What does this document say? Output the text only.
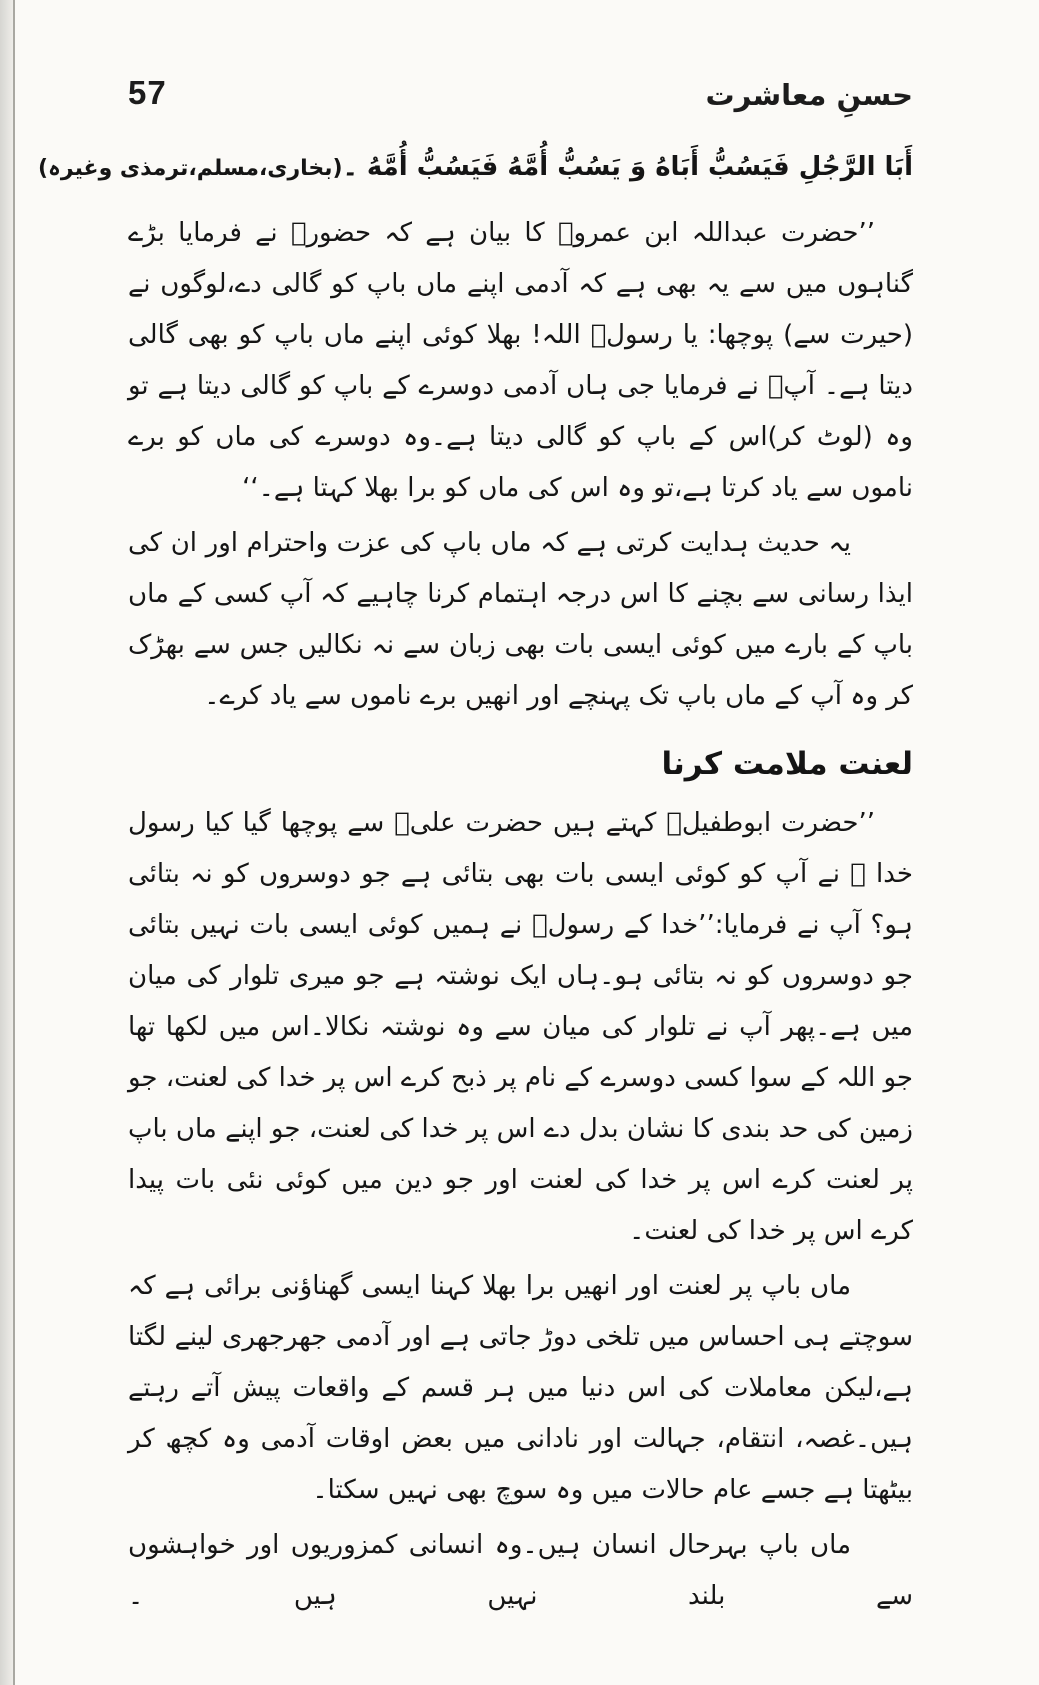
57	حسنِ معاشرت
أَبَا الرَّجُلِ فَيَسُبُّ أَبَاهُ وَ يَسُبُّ أُمَّهُ فَيَسُبُّ أُمَّهُ ۔
(بخاری،مسلم،ترمذی وغیرہ)

’’حضرت عبداللہ ابن عمروؓ کا بیان ہے کہ حضورﷺ نے فرمایا بڑے گناہوں میں سے یہ بھی ہے کہ آدمی اپنے ماں باپ کو گالی دے،لوگوں نے (حیرت سے) پوچھا: یا رسولؐ اللہ! بھلا کوئی اپنے ماں باپ کو بھی گالی دیتا ہے۔ آپؐ نے فرمایا جی ہاں آدمی دوسرے کے باپ کو گالی دیتا ہے تو وہ (لوٹ کر)اس کے باپ کو گالی دیتا ہے۔وہ دوسرے کی ماں کو برے ناموں سے یاد کرتا ہے،تو وہ اس کی ماں کو برا بھلا کہتا ہے۔‘‘

یہ حدیث ہدایت کرتی ہے کہ ماں باپ کی عزت واحترام اور ان کی ایذا رسانی سے بچنے کا اس درجہ اہتمام کرنا چاہیے کہ آپ کسی کے ماں باپ کے بارے میں کوئی ایسی بات بھی زبان سے نہ نکالیں جس سے بھڑک کر وہ آپ کے ماں باپ تک پہنچے اور انھیں برے ناموں سے یاد کرے۔

لعنت ملامت کرنا

’’حضرت ابوطفیلؓ کہتے ہیں حضرت علیؓ سے پوچھا گیا کیا رسول خدا ﷺ نے آپ کو کوئی ایسی بات بھی بتائی ہے جو دوسروں کو نہ بتائی ہو؟ آپ نے فرمایا:’’خدا کے رسولؐ نے ہمیں کوئی ایسی بات نہیں بتائی جو دوسروں کو نہ بتائی ہو۔ہاں ایک نوشتہ ہے جو میری تلوار کی میان میں ہے۔پھر آپ نے تلوار کی میان سے وہ نوشتہ نکالا۔اس میں لکھا تھا جو اللہ کے سوا کسی دوسرے کے نام پر ذبح کرے اس پر خدا کی لعنت، جو زمین کی حد بندی کا نشان بدل دے اس پر خدا کی لعنت، جو اپنے ماں باپ پر لعنت کرے اس پر خدا کی لعنت اور جو دین میں کوئی نئی بات پیدا کرے اس پر خدا کی لعنت۔

ماں باپ پر لعنت اور انھیں برا بھلا کہنا ایسی گھناؤنی برائی ہے کہ سوچتے ہی احساس میں تلخی دوڑ جاتی ہے اور آدمی جھرجھری لینے لگتا ہے،لیکن معاملات کی اس دنیا میں ہر قسم کے واقعات پیش آتے رہتے ہیں۔غصہ، انتقام، جہالت اور نادانی میں بعض اوقات آدمی وہ کچھ کر بیٹھتا ہے جسے عام حالات میں وہ سوچ بھی نہیں سکتا۔

ماں باپ بہرحال انسان ہیں۔وہ انسانی کمزوریوں اور خواہشوں سے بلند نہیں ہیں ۔
